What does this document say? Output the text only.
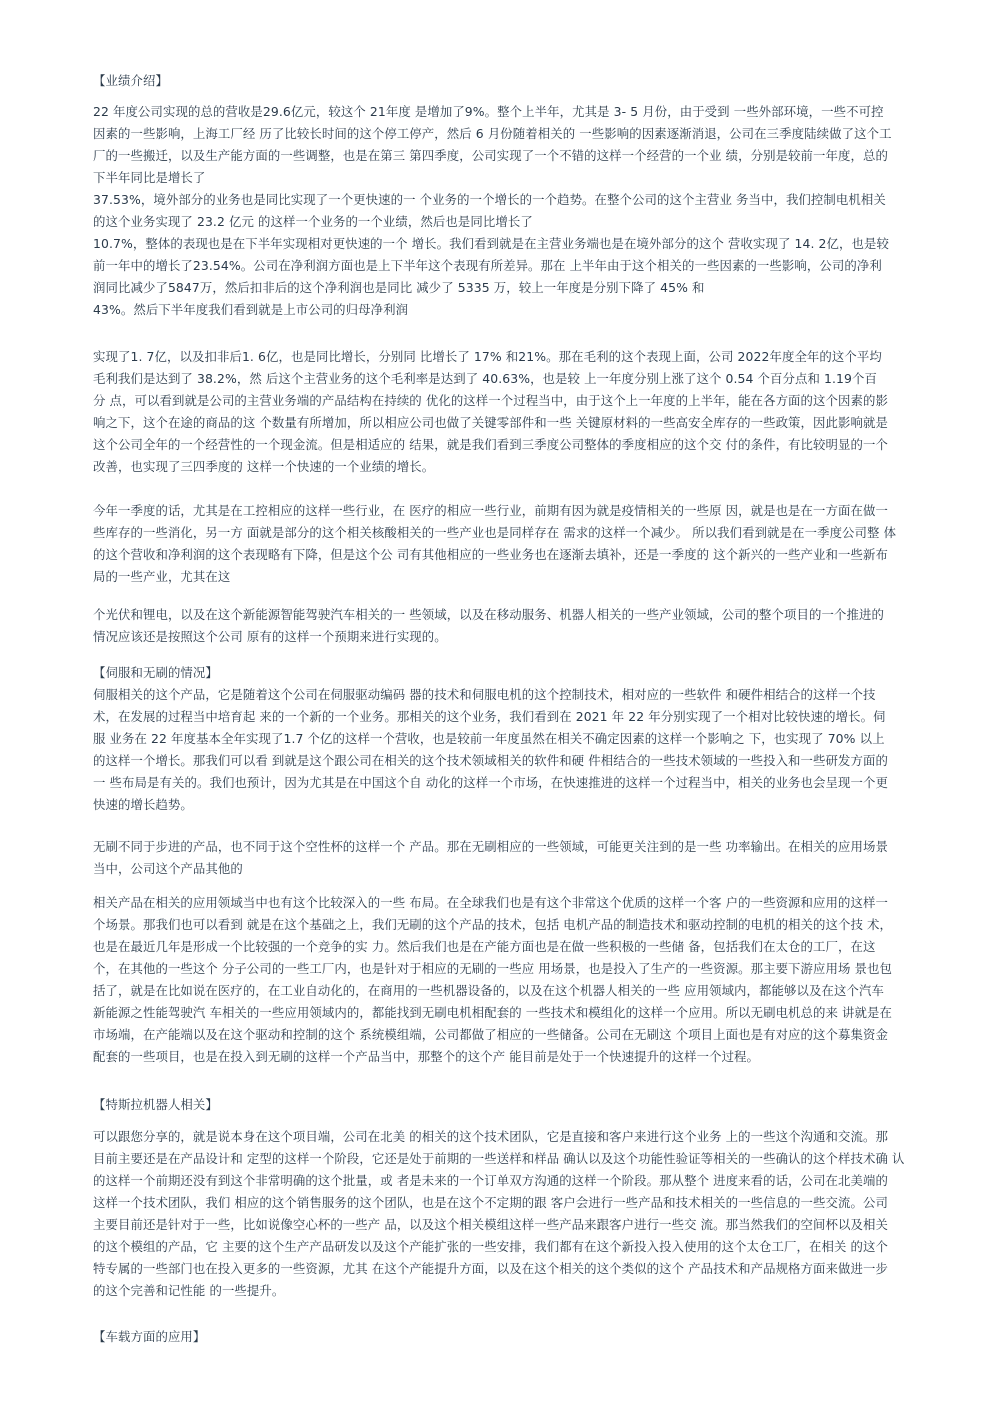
【业绩介绍】
22 年度公司实现的总的营收是29.6亿元，较这个 21年度 是增加了9%。整个上半年，尤其是 3- 5 月份，由于受到 一些外部环境，一些不可控
因素的一些影响，上海工厂经 历了比较长时间的这个停工停产，然后 6 月份随着相关的 一些影响的因素逐渐消退，公司在三季度陆续做了这个工
厂的一些搬迁，以及生产能方面的一些调整，也是在第三 第四季度，公司实现了一个不错的这样一个经营的一个业 绩，分别是较前一年度，总的
下半年同比是增长了
37.53%，境外部分的业务也是同比实现了一个更快速的一 个业务的一个增长的一个趋势。在整个公司的这个主营业 务当中，我们控制电机相关
的这个业务实现了 23.2 亿元 的这样一个业务的一个业绩，然后也是同比增长了
10.7%，整体的表现也是在下半年实现相对更快速的一个 增长。我们看到就是在主营业务端也是在境外部分的这个 营收实现了 14. 2亿，也是较
前一年中的增长了23.54%。公司在净利润方面也是上下半年这个表现有所差异。那在 上半年由于这个相关的一些因素的一些影响，公司的净利
润同比减少了5847万，然后扣非后的这个净利润也是同比 减少了 5335 万，较上一年度是分别下降了 45% 和
43%。然后下半年度我们看到就是上市公司的归母净利润
实现了1. 7亿，以及扣非后1. 6亿，也是同比增长，分别同 比增长了 17% 和21%。那在毛利的这个表现上面，公司 2022年度全年的这个平均
毛利我们是达到了 38.2%，然 后这个主营业务的这个毛利率是达到了 40.63%，也是较 上一年度分别上涨了这个 0.54 个百分点和 1.19个百
分 点，可以看到就是公司的主营业务端的产品结构在持续的 优化的这样一个过程当中，由于这个上一年度的上半年，能在各方面的这个因素的影
响之下，这个在途的商品的这 个数量有所增加，所以相应公司也做了关键零部件和一些 关键原材料的一些高安全库存的一些政策，因此影响就是
这个公司全年的一个经营性的一个现金流。但是相适应的 结果，就是我们看到三季度公司整体的季度相应的这个交 付的条件，有比较明显的一个
改善，也实现了三四季度的 这样一个快速的一个业绩的增长。
今年一季度的话，尤其是在工控相应的这样一些行业，在 医疗的相应一些行业，前期有因为就是疫情相关的一些原 因，就是也是在一方面在做一
些库存的一些消化，另一方 面就是部分的这个相关核酸相关的一些产业也是同样存在 需求的这样一个减少。 所以我们看到就是在一季度公司整 体
的这个营收和净利润的这个表现略有下降，但是这个公 司有其他相应的一些业务也在逐渐去填补，还是一季度的 这个新兴的一些产业和一些新布
局的一些产业，尤其在这
个光伏和锂电，以及在这个新能源智能驾驶汽车相关的一 些领域，以及在移动服务、机器人相关的一些产业领域，公司的整个项目的一个推进的
情况应该还是按照这个公司 原有的这样一个预期来进行实现的。
【伺服和无刷的情况】
伺服相关的这个产品，它是随着这个公司在伺服驱动编码 器的技术和伺服电机的这个控制技术，相对应的一些软件 和硬件相结合的这样一个技
术，在发展的过程当中培育起 来的一个新的一个业务。那相关的这个业务，我们看到在 2021 年 22 年分别实现了一个相对比较快速的增长。伺
服 业务在 22 年度基本全年实现了1.7 个亿的这样一个营收，也是较前一年度虽然在相关不确定因素的这样一个影响之 下，也实现了 70% 以上
的这样一个增长。那我们可以看 到就是这个跟公司在相关的这个技术领域相关的软件和硬 件相结合的一些技术领域的一些投入和一些研发方面的
一 些布局是有关的。我们也预计，因为尤其是在中国这个自 动化的这样一个市场，在快速推进的这样一个过程当中，相关的业务也会呈现一个更
快速的增长趋势。
无刷不同于步进的产品，也不同于这个空性杯的这样一个 产品。那在无刷相应的一些领域，可能更关注到的是一些 功率输出。在相关的应用场景
当中，公司这个产品其他的
相关产品在相关的应用领域当中也有这个比较深入的一些 布局。在全球我们也是有这个非常这个优质的这样一个客 户的一些资源和应用的这样一
个场景。那我们也可以看到 就是在这个基础之上，我们无刷的这个产品的技术，包括 电机产品的制造技术和驱动控制的电机的相关的这个技 术，
也是在最近几年是形成一个比较强的一个竞争的实 力。然后我们也是在产能方面也是在做一些积极的一些储 备，包括我们在太仓的工厂，在这
个，在其他的一些这个 分子公司的一些工厂内，也是针对于相应的无刷的一些应 用场景，也是投入了生产的一些资源。那主要下游应用场 景也包
括了，就是在比如说在医疗的，在工业自动化的，在商用的一些机器设备的，以及在这个机器人相关的一些 应用领域内，都能够以及在这个汽车
新能源之性能驾驶汽 车相关的一些应用领域内的，都能找到无刷电机相配套的 一些技术和模组化的这样一个应用。所以无刷电机总的来 讲就是在
市场端，在产能端以及在这个驱动和控制的这个 系统模组端，公司都做了相应的一些储备。公司在无刷这 个项目上面也是有对应的这个募集资金
配套的一些项目，也是在投入到无刷的这样一个产品当中，那整个的这个产 能目前是处于一个快速提升的这样一个过程。
【特斯拉机器人相关】
可以跟您分享的，就是说本身在这个项目端，公司在北美 的相关的这个技术团队，它是直接和客户来进行这个业务 上的一些这个沟通和交流。那
目前主要还是在产品设计和 定型的这样一个阶段，它还是处于前期的一些送样和样品 确认以及这个功能性验证等相关的一些确认的这个样技术确 认
的这样一个前期还没有到这个非常明确的这个批量，或 者是未来的一个订单双方沟通的这样一个阶段。那从整个 进度来看的话，公司在北美端的
这样一个技术团队，我们 相应的这个销售服务的这个团队，也是在这个不定期的跟 客户会进行一些产品和技术相关的一些信息的一些交流。公司
主要目前还是针对于一些，比如说像空心杯的一些产 品，以及这个相关模组这样一些产品来跟客户进行一些交 流。那当然我们的空间杯以及相关
的这个模组的产品，它 主要的这个生产产品研发以及这个产能扩张的一些安排，我们都有在这个新投入投入使用的这个太仓工厂，在相关 的这个
特专属的一些部门也在投入更多的一些资源，尤其 在这个产能提升方面，以及在这个相关的这个类似的这个 产品技术和产品规格方面来做进一步
的这个完善和记性能 的一些提升。
【车载方面的应用】
